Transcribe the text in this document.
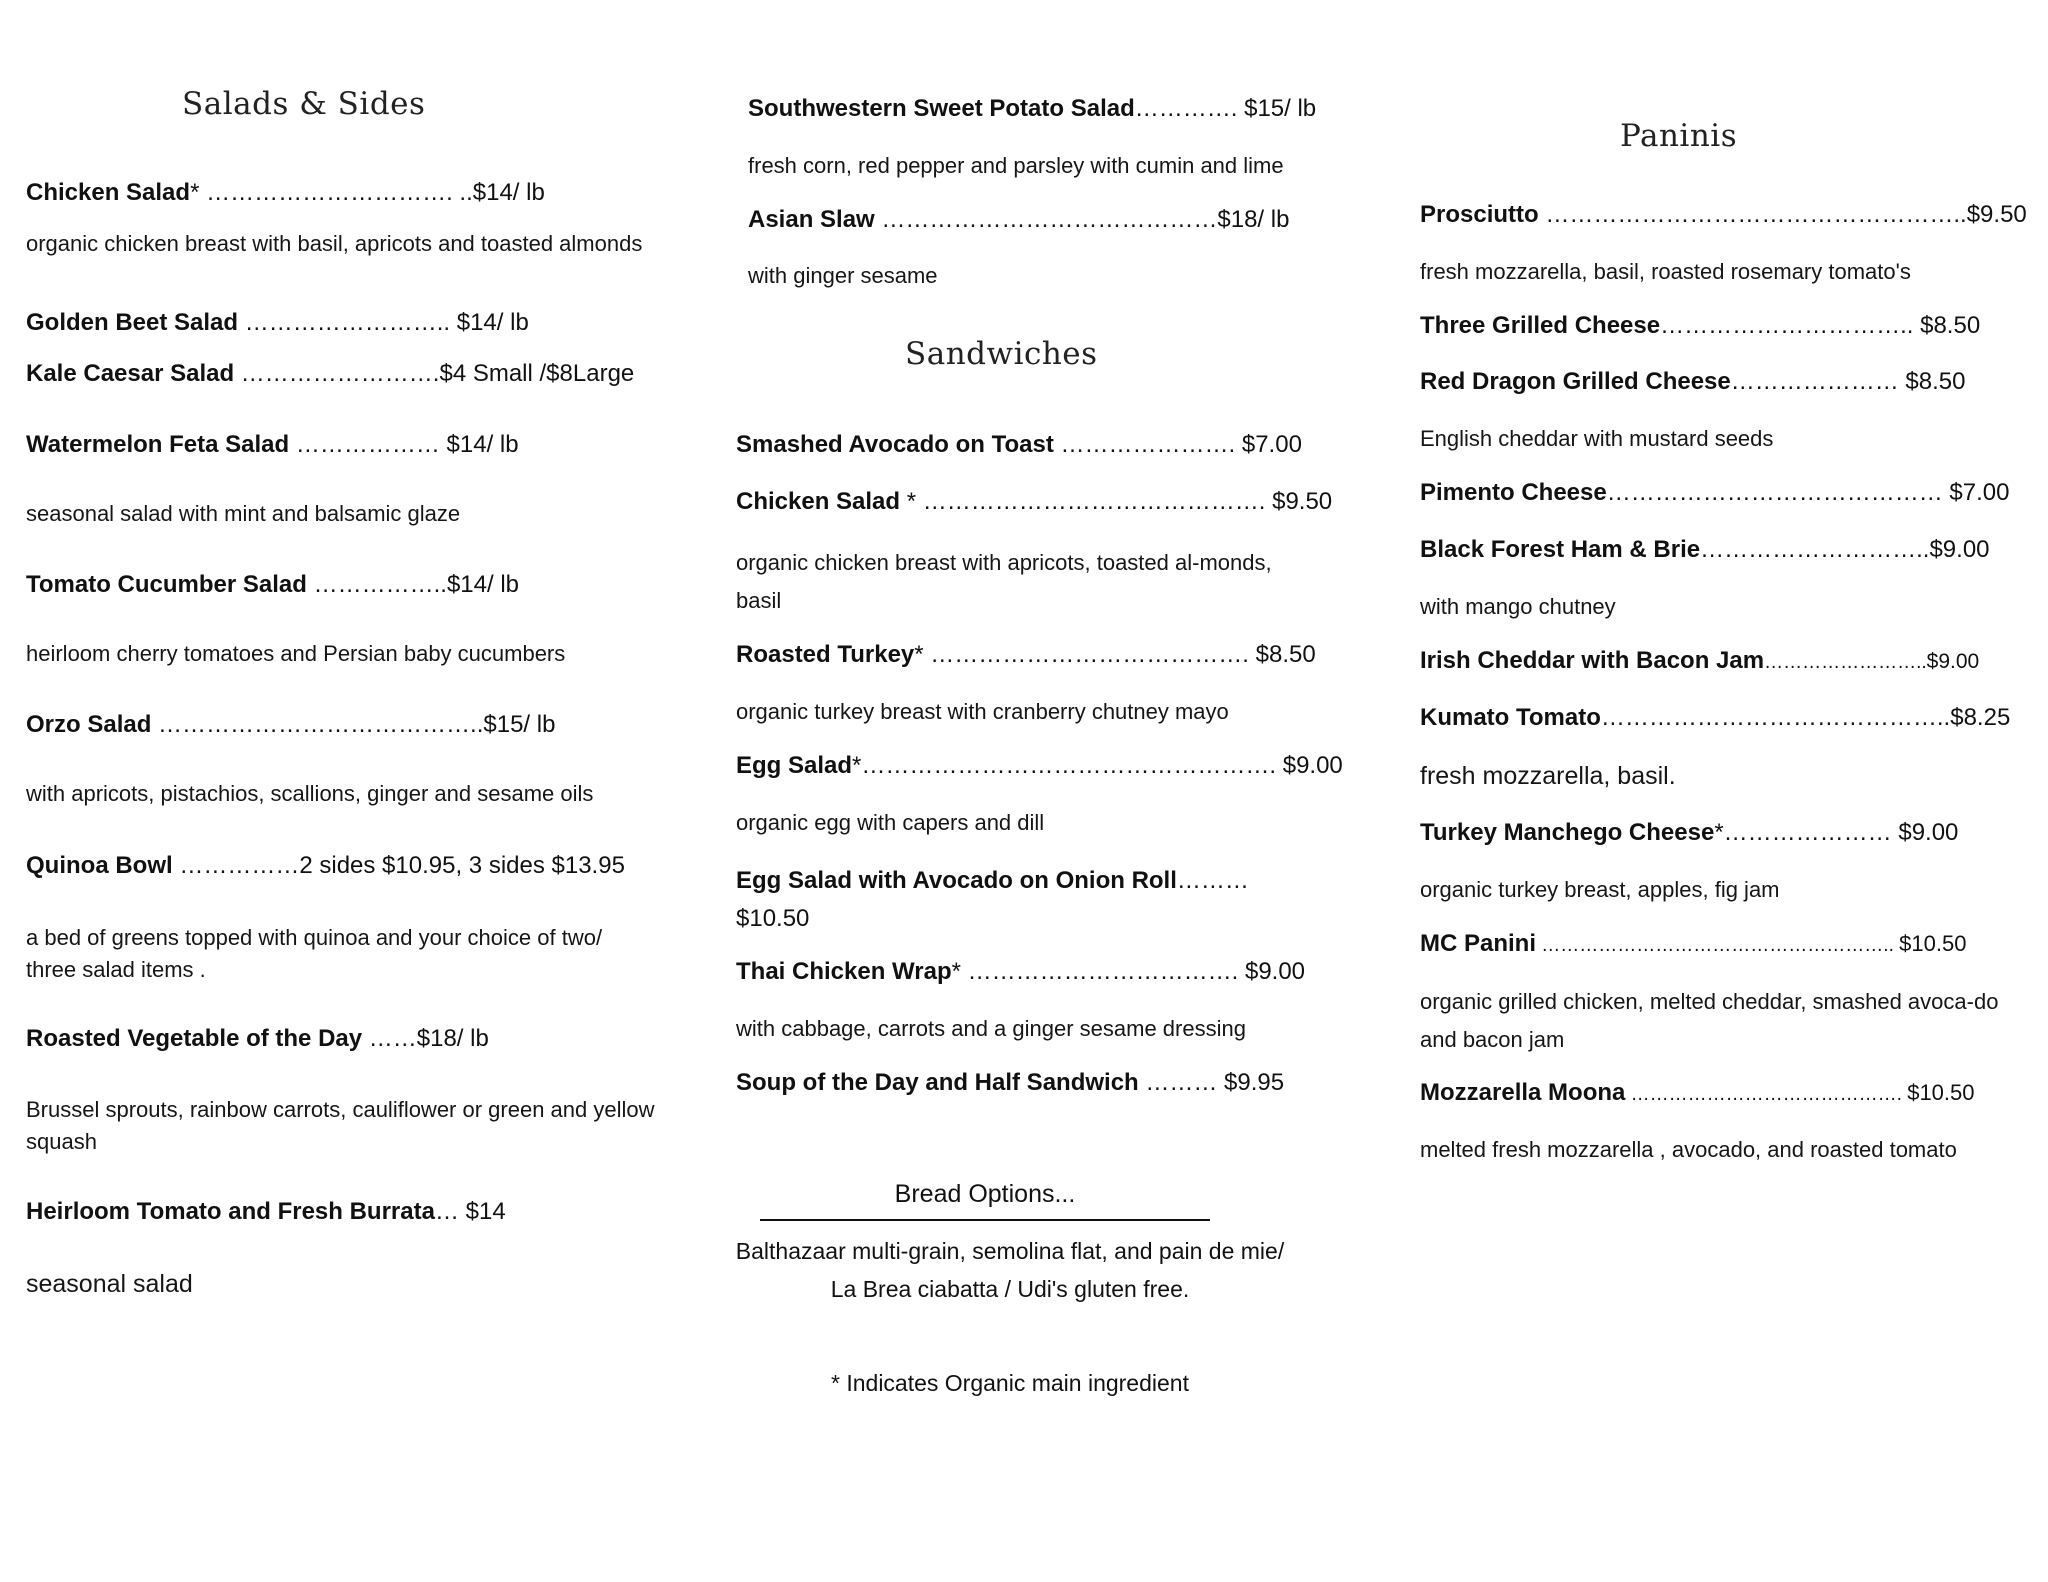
Salads & Sides
Chicken Salad* …………………………. ..$14/ lb
organic chicken breast with basil, apricots and toasted almonds
Golden Beet Salad …………………….. $14/ lb
Kale Caesar Salad …………………….$4 Small /$8Large
Watermelon Feta Salad ……………… $14/ lb
seasonal salad with mint and balsamic glaze
Tomato Cucumber Salad ……………..$14/ lb
heirloom cherry tomatoes and Persian baby cucumbers
Orzo Salad …………………………………..$15/ lb
with apricots, pistachios, scallions, ginger and sesame oils
Quinoa Bowl ……………2 sides $10.95, 3 sides $13.95
a bed of greens topped with quinoa and your choice of two/ three salad items .
Roasted Vegetable of the Day ……$18/ lb
Brussel sprouts, rainbow carrots, cauliflower or green and yellow squash
Heirloom Tomato and Fresh Burrata… $14
seasonal salad
Southwestern Sweet Potato Salad…………. $15/ lb
fresh corn, red pepper and parsley with cumin and lime
Asian Slaw ……………………………………$18/ lb
with ginger sesame
Sandwiches
Smashed Avocado on Toast …………………. $7.00
Chicken Salad * ……………………………………. $9.50
organic chicken breast with apricots, toasted al-monds, basil
Roasted Turkey* …………………………………. $8.50
organic turkey breast with cranberry chutney mayo
Egg Salad*……………………………………………. $9.00
organic egg with capers and dill
Egg Salad with Avocado on Onion Roll………
$10.50
Thai Chicken Wrap* ……………………………. $9.00
with cabbage, carrots and a ginger sesame dressing
Soup of the Day and Half Sandwich ……… $9.95
Bread Options...
Balthazaar multi-grain, semolina flat, and pain de mie/ La Brea ciabatta / Udi's gluten free.
* Indicates Organic main ingredient
Paninis
Prosciutto ……………………………………………..$9.50
fresh mozzarella, basil, roasted rosemary tomato's
Three Grilled Cheese………………………….. $8.50
Red Dragon Grilled Cheese………………… $8.50
English cheddar with mustard seeds
Pimento Cheese…………………………………… $7.00
Black Forest Ham & Brie………………………..$9.00
with mango chutney
Irish Cheddar with Bacon Jam……………………..$9.00
Kumato Tomato……………………………………..$8.25
fresh mozzarella, basil.
Turkey Manchego Cheese*………………… $9.00
organic turkey breast, apples, fig jam
MC Panini ……………………………………………….. $10.50
organic grilled chicken, melted cheddar, smashed avoca-do and bacon jam
Mozzarella Moona ……………………………………. $10.50
melted fresh mozzarella , avocado, and roasted tomato
